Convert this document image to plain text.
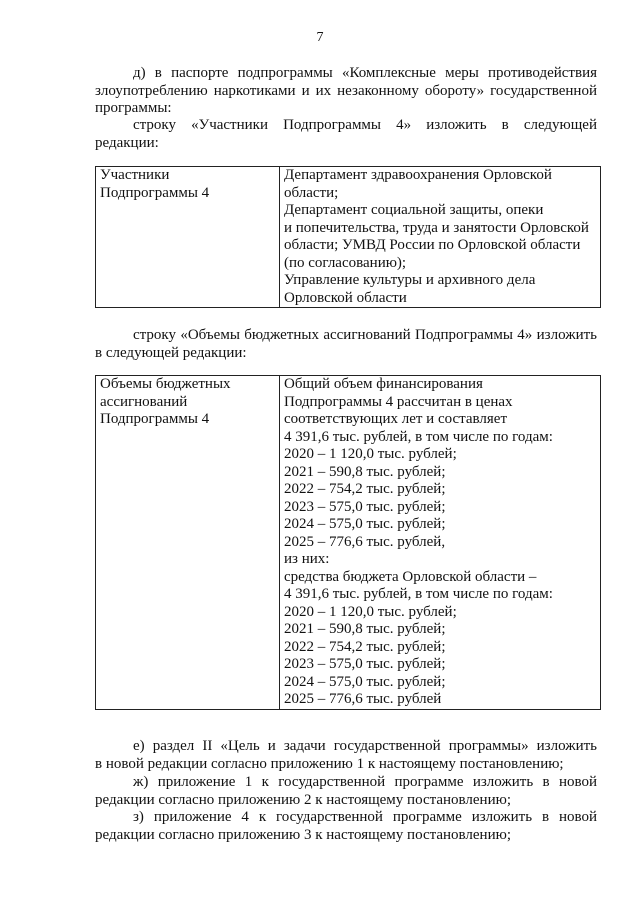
7
д) в паспорте подпрограммы «Комплексные меры противодействия
злоупотреблению наркотиками и их незаконному обороту» государственной
программы:
строку «Участники Подпрограммы 4» изложить в следующей
редакции:
Участники
Подпрограммы 4

Департамент здравоохранения Орловской
области;
Департамент социальной защиты, опеки
и попечительства, труда и занятости Орловской
области; УМВД России по Орловской области
(по согласованию);
Управление культуры и архивного дела
Орловской области
строку «Объемы бюджетных ассигнований Подпрограммы 4» изложить
в следующей редакции:
Объемы бюджетных
ассигнований
Подпрограммы 4

Общий объем финансирования
Подпрограммы 4 рассчитан в ценах
соответствующих лет и составляет
4 391,6 тыс. рублей, в том числе по годам:
2020 – 1 120,0 тыс. рублей;
2021 – 590,8 тыс. рублей;
2022 – 754,2 тыс. рублей;
2023 – 575,0 тыс. рублей;
2024 – 575,0 тыс. рублей;
2025 – 776,6 тыс. рублей,
из них:
средства бюджета Орловской области –
4 391,6 тыс. рублей, в том числе по годам:
2020 – 1 120,0 тыс. рублей;
2021 – 590,8 тыс. рублей;
2022 – 754,2 тыс. рублей;
2023 – 575,0 тыс. рублей;
2024 – 575,0 тыс. рублей;
2025 – 776,6 тыс. рублей
е) раздел II «Цель и задачи государственной программы» изложить
в новой редакции согласно приложению 1 к настоящему постановлению;
ж) приложение 1 к государственной программе изложить в новой
редакции согласно приложению 2 к настоящему постановлению;
з) приложение 4 к государственной программе изложить в новой
редакции согласно приложению 3 к настоящему постановлению;
